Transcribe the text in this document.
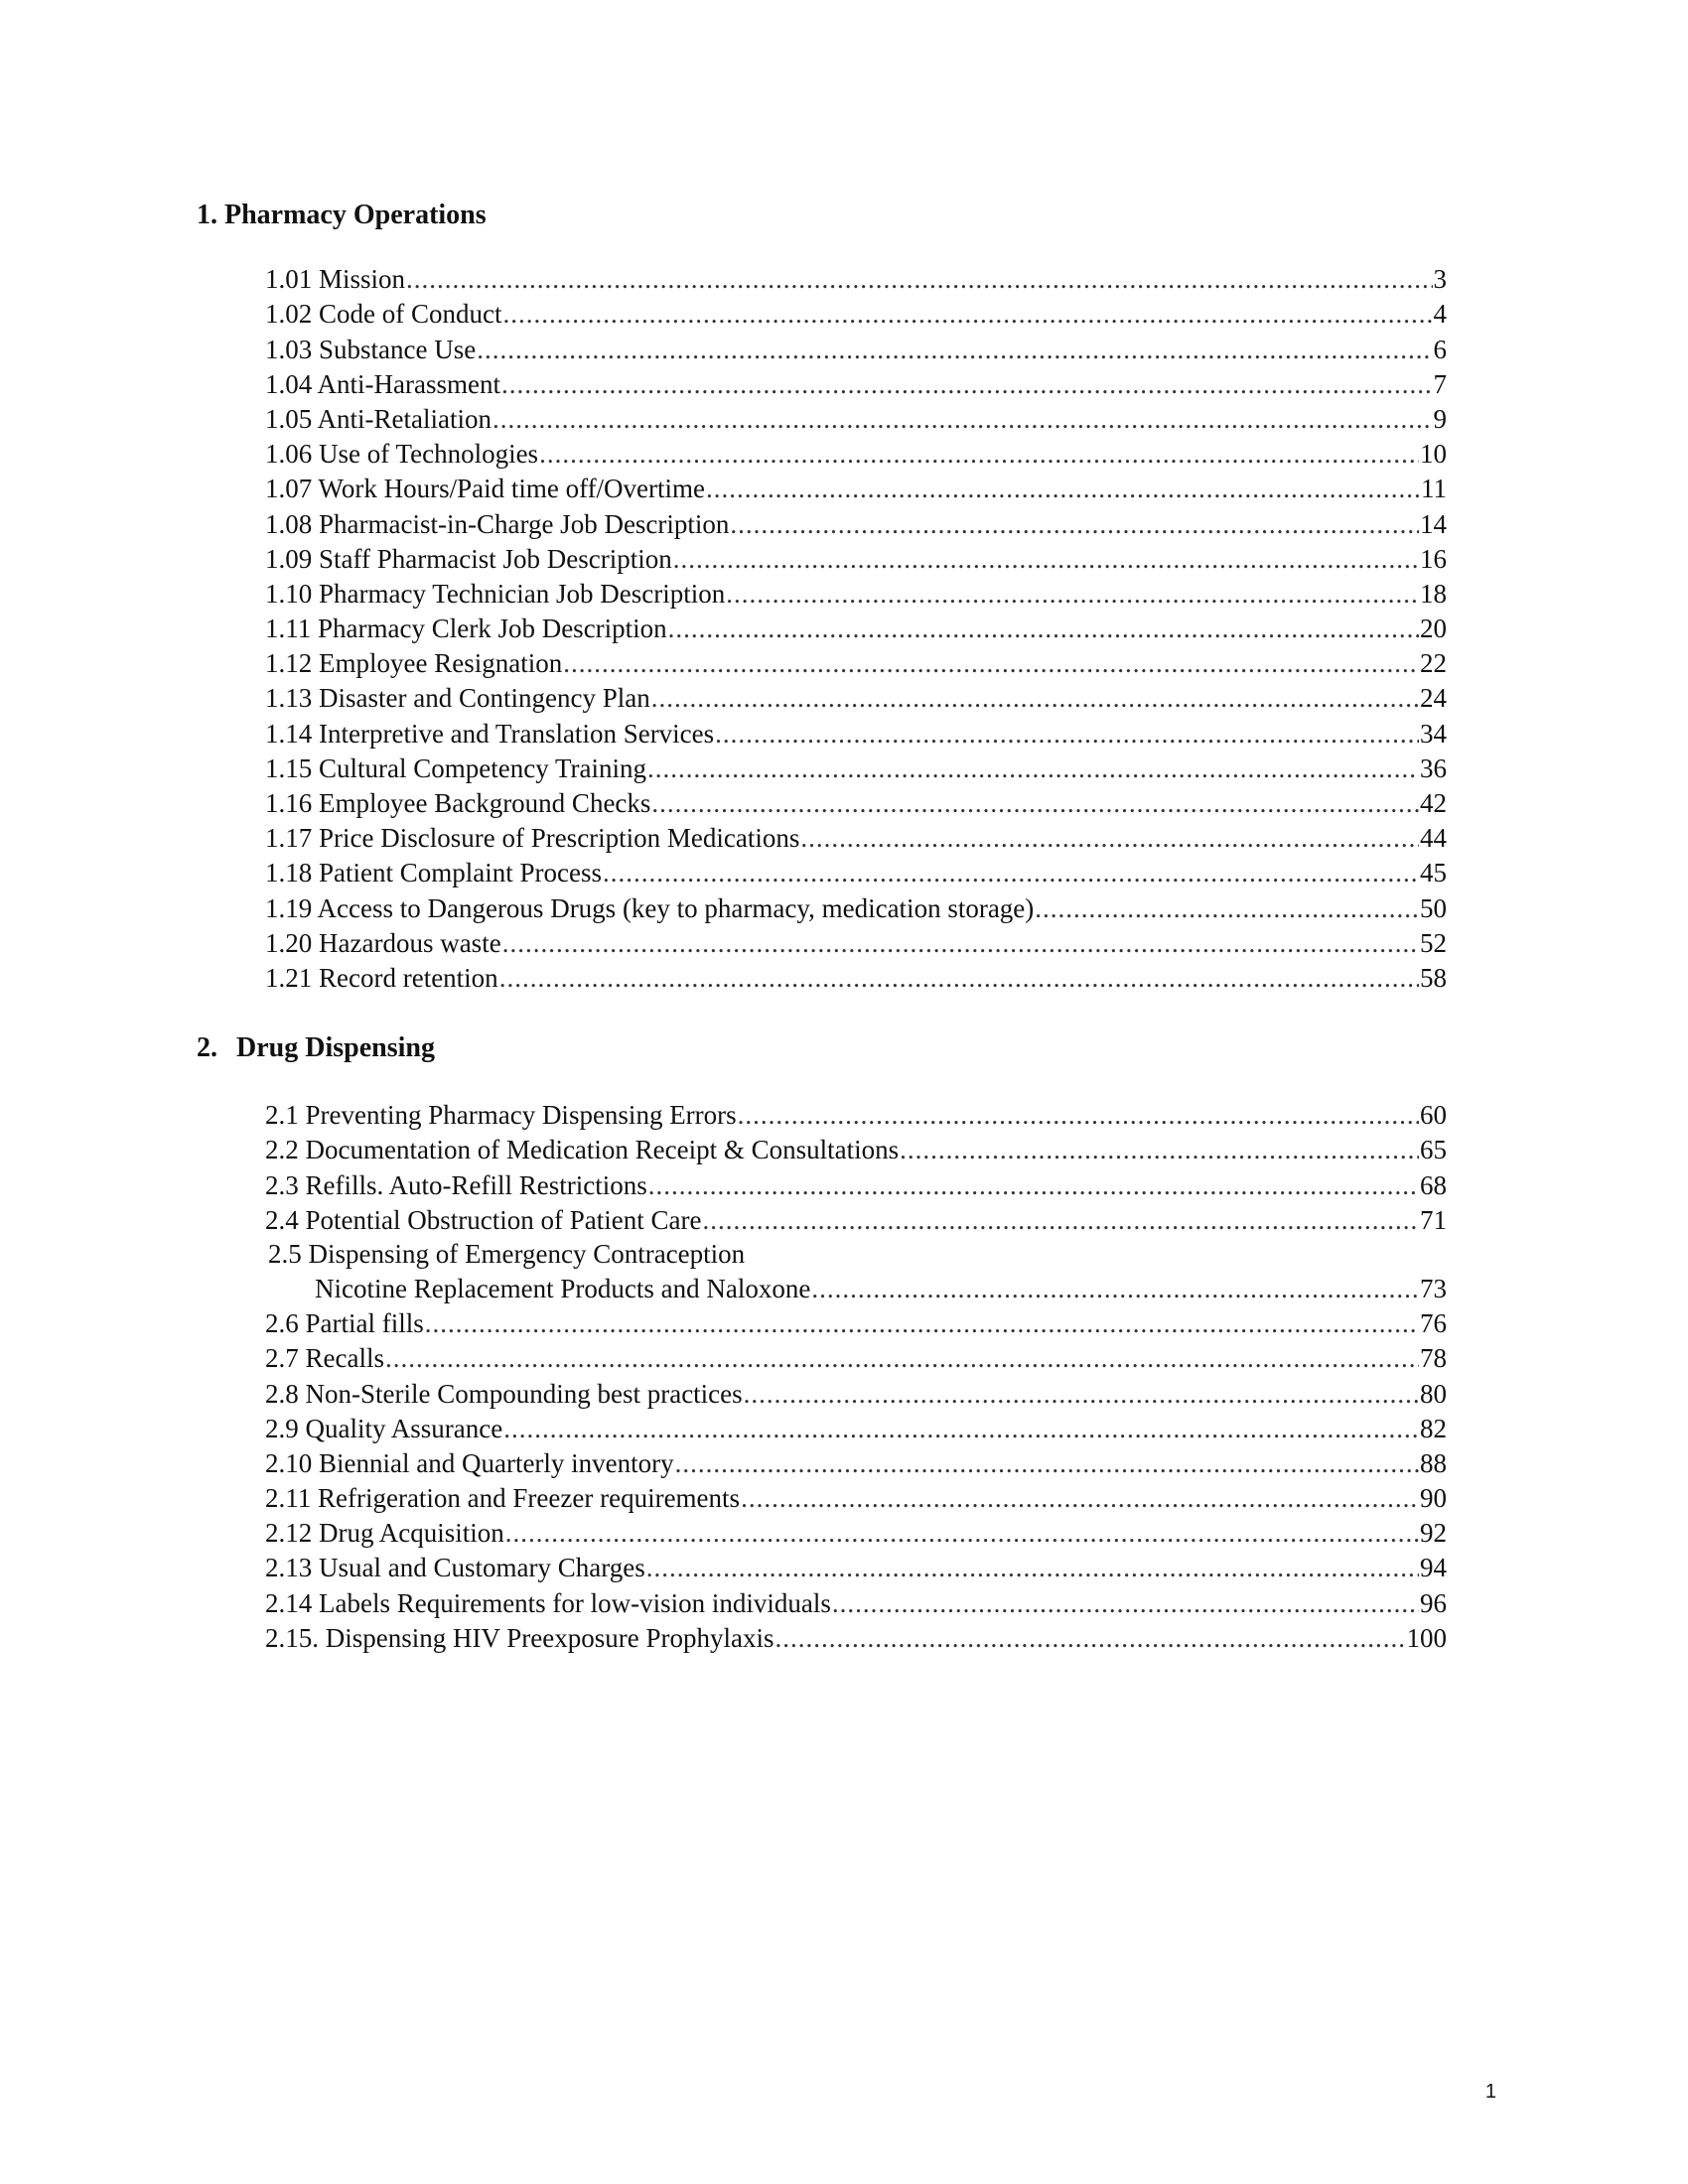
1. Pharmacy Operations
1.01 Mission .....	3
1.02 Code of Conduct .....	4
1.03 Substance Use .....	6
1.04 Anti-Harassment .....	7
1.05 Anti-Retaliation .....	9
1.06 Use of Technologies .....	10
1.07 Work Hours/Paid time off/Overtime .....	11
1.08 Pharmacist-in-Charge Job Description .....	14
1.09 Staff Pharmacist Job Description .....	16
1.10 Pharmacy Technician Job Description .....	18
1.11 Pharmacy Clerk Job Description .....	20
1.12 Employee Resignation .....	22
1.13 Disaster and Contingency Plan .....	24
1.14 Interpretive and Translation Services .....	34
1.15 Cultural Competency Training .....	36
1.16 Employee Background Checks .....	42
1.17 Price Disclosure of Prescription Medications .....	44
1.18 Patient Complaint Process .....	45
1.19 Access to Dangerous Drugs (key to pharmacy, medication storage) .....	50
1.20 Hazardous waste .....	52
1.21 Record retention .....	58
2. Drug Dispensing
2.1 Preventing Pharmacy Dispensing Errors .....	60
2.2 Documentation of Medication Receipt & Consultations .....	65
2.3 Refills. Auto-Refill Restrictions .....	68
2.4 Potential Obstruction of Patient Care .....	71
2.5 Dispensing of Emergency Contraception
Nicotine Replacement Products and Naloxone .....	73
2.6 Partial fills .....	76
2.7 Recalls .....	78
2.8 Non-Sterile Compounding best practices .....	80
2.9 Quality Assurance .....	82
2.10 Biennial and Quarterly inventory .....	88
2.11 Refrigeration and Freezer requirements .....	90
2.12 Drug Acquisition .....	92
2.13 Usual and Customary Charges .....	94
2.14 Labels Requirements for low-vision individuals .....	96
2.15. Dispensing HIV Preexposure Prophylaxis .....	100
1
